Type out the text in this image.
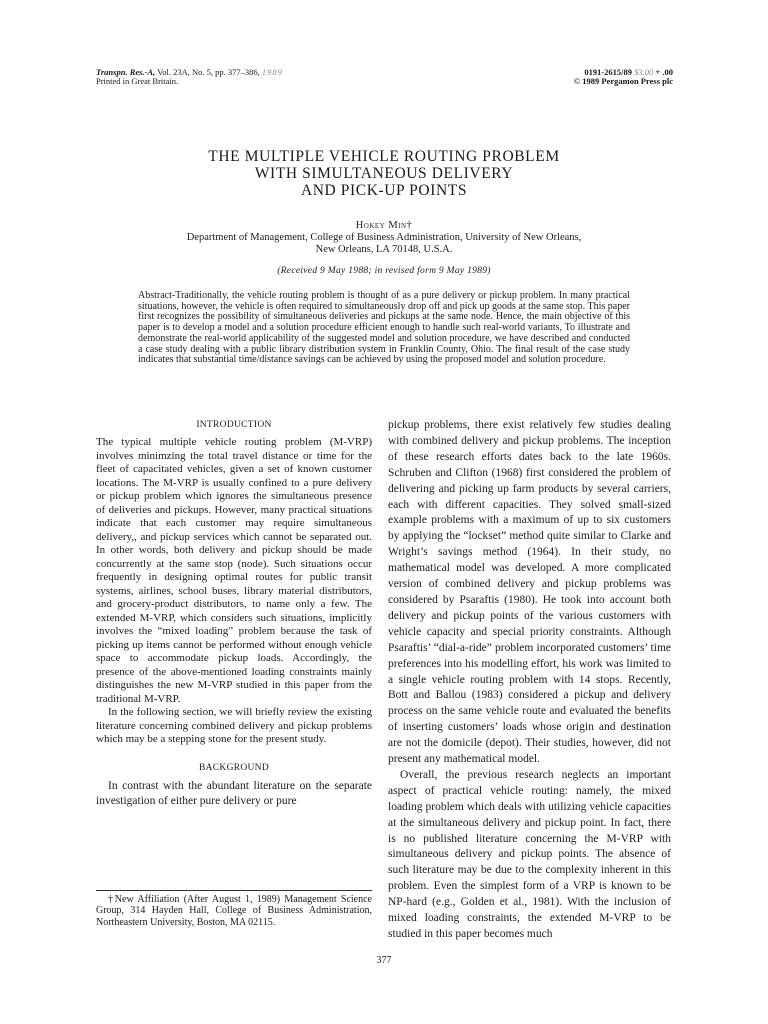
Transpn. Res.-A, Vol. 23A, No. 5, pp. 377–386, 1989
Printed in Great Britain.
0191-2615/89 $3.00 + .00
© 1989 Pergamon Press plc
THE MULTIPLE VEHICLE ROUTING PROBLEM
WITH SIMULTANEOUS DELIVERY
AND PICK-UP POINTS
Hokey Min†
Department of Management, College of Business Administration, University of New Orleans,
New Orleans, LA 70148, U.S.A.
(Received 9 May 1988; in revised form 9 May 1989)
Abstract-Traditionally, the vehicle routing problem is thought of as a pure delivery or pickup problem. In many practical situations, however, the vehicle is often required to simultaneously drop off and pick up goods at the same stop. This paper first recognizes the possibility of simultaneous deliveries and pickups at the same node. Hence, the main objective of this paper is to develop a model and a solution procedure efficient enough to handle such real-world variants, To illustrate and demonstrate the real-world applicability of the suggested model and solution procedure, we have described and conducted a case study dealing with a public library distribution system in Franklin County, Ohio. The final result of the case study indicates that substantial time/distance savings can be achieved by using the proposed model and solution procedure.
INTRODUCTION

The typical multiple vehicle routing problem (M-VRP) involves minimzing the total travel distance or time for the fleet of capacitated vehicles, given a set of known customer locations. The M-VRP is usually confined to a pure delivery or pickup problem which ignores the simultaneous presence of deliveries and pickups. However, many practical situations indicate that each customer may require simultaneous delivery,, and pickup services which cannot be separated out. In other words, both delivery and pickup should be made concurrently at the same stop (node). Such situations occur frequently in designing optimal routes for public transit systems, airlines, school buses, library material distributors, and grocery-product distributors, to name only a few. The extended M-VRP, which considers such situations, implicitly involves the “mixed loading” problem because the task of picking up items cannot be performed without enough vehicle space to accommodate pickup loads. Accordingly, the presence of the above-mentioned loading constraints mainly distinguishes the new M-VRP studied in this paper from the traditional M-VRP.

In the following section, we will briefly review the existing literature concerning combined delivery and pickup problems which may be a stepping stone for the present study.

BACKGROUND

In contrast with the abundant literature on the separate investigation of either pure delivery or pure

†New Affiliation (After August 1, 1989) Management Science Group, 314 Hayden Hall, College of Business Administration, Northeastern University, Boston, MA 02115.

pickup problems, there exist relatively few studies dealing with combined delivery and pickup problems. The inception of these research efforts dates back to the late 1960s. Schruben and Clifton (1968) first considered the problem of delivering and picking up farm products by several carriers, each with different capacities. They solved small-sized example problems with a maximum of up to six customers by applying the “lockset” method quite similar to Clarke and Wright’s savings method (1964). In their study, no mathematical model was developed. A more complicated version of combined delivery and pickup problems was considered by Psaraftis (1980). He took into account both delivery and pickup points of the various customers with vehicle capacity and special priority constraints. Although Psaraftis’ “dial-a-ride” problem incorporated customers’ time preferences into his modelling effort, his work was limited to a single vehicle routing problem with 14 stops. Recently, Bott and Ballou (1983) considered a pickup and delivery process on the same vehicle route and evaluated the benefits of inserting customers’ loads whose origin and destination are not the domicile (depot). Their studies, however, did not present any mathematical model.

Overall, the previous research neglects an important aspect of practical vehicle routing: namely, the mixed loading problem which deals with utilizing vehicle capacities at the simultaneous delivery and pickup point. In fact, there is no published literature concerning the M-VRP with simultaneous delivery and pickup points. The absence of such literature may be due to the complexity inherent in this problem. Even the simplest form of a VRP is known to be NP-hard (e.g., Golden et al., 1981). With the inclusion of mixed loading constraints, the extended M-VRP to be studied in this paper becomes much

377
